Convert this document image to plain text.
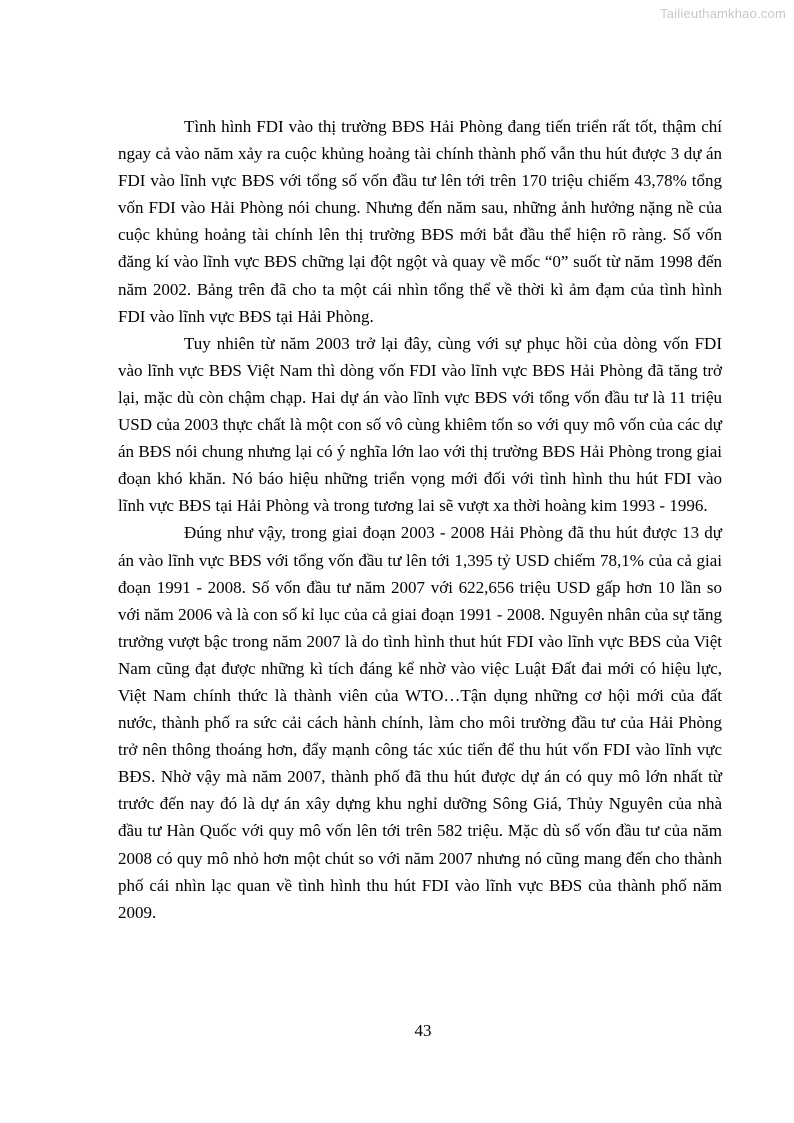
Tailieuthamkhao.com

Tình hình FDI vào thị trường BĐS Hải Phòng đang tiến triển rất tốt, thậm chí ngay cả vào năm xảy ra cuộc khủng hoảng tài chính thành phố vẫn thu hút được 3 dự án FDI vào lĩnh vực BĐS với tổng số vốn đầu tư lên tới trên 170 triệu chiếm 43,78% tổng vốn FDI vào Hải Phòng nói chung. Nhưng đến năm sau, những ảnh hưởng nặng nề của cuộc khủng hoảng tài chính lên thị trường BĐS mới bắt đầu thể hiện rõ ràng. Số vốn đăng kí vào lĩnh vực BĐS chững lại đột ngột và quay về mốc “0” suốt từ năm 1998 đến năm 2002. Bảng trên đã cho ta một cái nhìn tổng thể về thời kì ảm đạm của tình hình FDI vào lĩnh vực BĐS tại Hải Phòng.

Tuy nhiên từ năm 2003 trở lại đây, cùng với sự phục hồi của dòng vốn FDI vào lĩnh vực BĐS Việt Nam thì dòng vốn FDI vào lĩnh vực BĐS Hải Phòng đã tăng trở lại, mặc dù còn chậm chạp. Hai dự án vào lĩnh vực BĐS với tổng vốn đầu tư là 11 triệu USD của 2003 thực chất là một con số vô cùng khiêm tốn so với quy mô vốn của các dự án BĐS nói chung nhưng lại có ý nghĩa lớn lao với thị trường BĐS Hải Phòng trong giai đoạn khó khăn. Nó báo hiệu những triển vọng mới đối với tình hình thu hút FDI vào lĩnh vực BĐS tại Hải Phòng và trong tương lai sẽ vượt xa thời hoàng kim 1993 - 1996.

Đúng như vậy, trong giai đoạn 2003 - 2008 Hải Phòng đã thu hút được 13 dự án vào lĩnh vực BĐS với tổng vốn đầu tư lên tới 1,395 tỷ USD chiếm 78,1% của cả giai đoạn 1991 - 2008. Số vốn đầu tư năm 2007 với 622,656 triệu USD gấp hơn 10 lần so với năm 2006 và là con số kỉ lục của cả giai đoạn 1991 - 2008. Nguyên nhân của sự tăng trưởng vượt bậc trong năm 2007 là do tình hình thut hút FDI vào lĩnh vực BĐS của Việt Nam cũng đạt được những kì tích đáng kể nhờ vào việc Luật Đất đai mới có hiệu lực, Việt Nam chính thức là thành viên của WTO…Tận dụng những cơ hội mới của đất nước, thành phố ra sức cải cách hành chính, làm cho môi trường đầu tư của Hải Phòng trở nên thông thoáng hơn, đẩy mạnh công tác xúc tiến để thu hút vốn FDI vào lĩnh vực BĐS. Nhờ vậy mà năm 2007, thành phố đã thu hút được dự án có quy mô lớn nhất từ trước đến nay đó là dự án xây dựng khu nghỉ dưỡng Sông Giá, Thủy Nguyên của nhà đầu tư Hàn Quốc với quy mô vốn lên tới trên 582 triệu. Mặc dù số vốn đầu tư của năm 2008 có quy mô nhỏ hơn một chút so với năm 2007 nhưng nó cũng mang đến cho thành phố cái nhìn lạc quan về tình hình thu hút FDI vào lĩnh vực BĐS của thành phố năm 2009.

43
